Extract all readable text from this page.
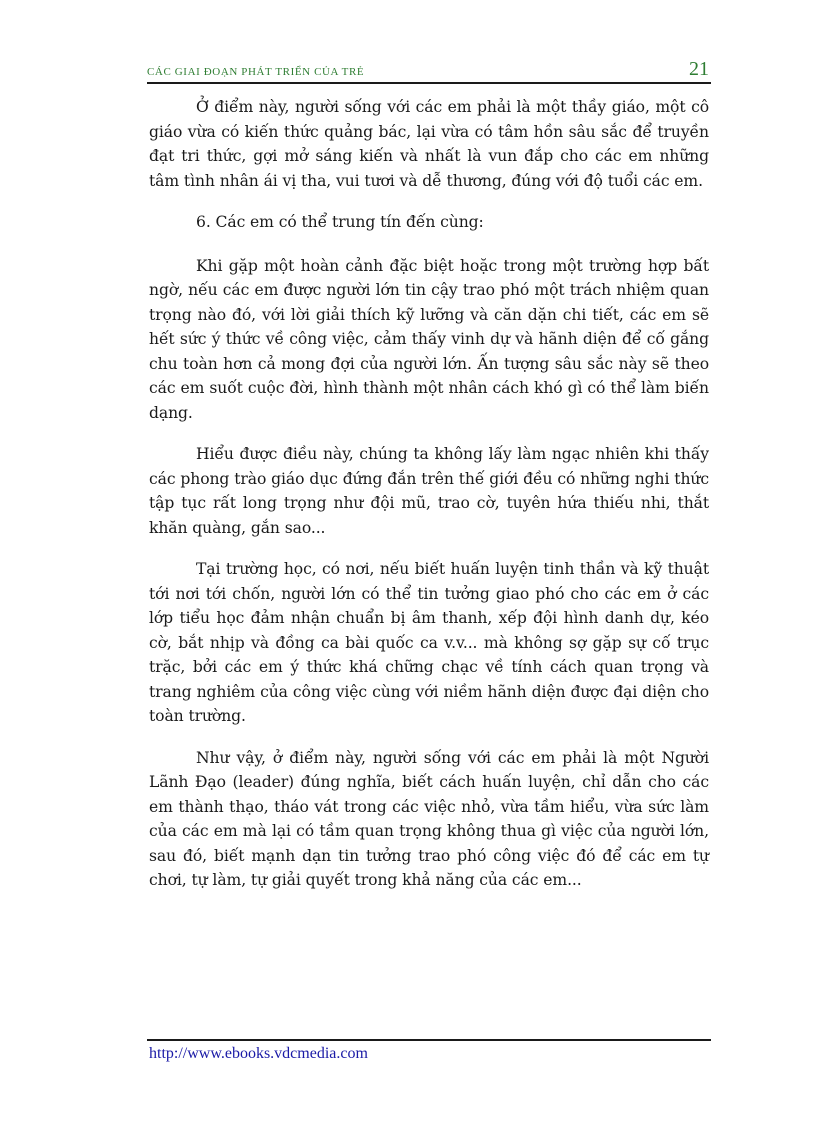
CÁC GIAI ĐOẠN PHÁT TRIỂN CỦA TRẺ	21

Ở điểm này, người sống với các em phải là một thầy giáo, một cô giáo vừa có kiến thức quảng bác, lại vừa có tâm hồn sâu sắc để truyền đạt tri thức, gợi mở sáng kiến và nhất là vun đắp cho các em những tâm tình nhân ái vị tha, vui tươi và dễ thương, đúng với độ tuổi các em.

6. Các em có thể trung tín đến cùng:

Khi gặp một hoàn cảnh đặc biệt hoặc trong một trường hợp bất ngờ, nếu các em được người lớn tin cậy trao phó một trách nhiệm quan trọng nào đó, với lời giải thích kỹ lưỡng và căn dặn chi tiết, các em sẽ hết sức ý thức về công việc, cảm thấy vinh dự và hãnh diện để cố gắng chu toàn hơn cả mong đợi của người lớn. Ấn tượng sâu sắc này sẽ theo các em suốt cuộc đời, hình thành một nhân cách khó gì có thể làm biến dạng.

Hiểu được điều này, chúng ta không lấy làm ngạc nhiên khi thấy các phong trào giáo dục đứng đắn trên thế giới đều có những nghi thức tập tục rất long trọng như đội mũ, trao cờ, tuyên hứa thiếu nhi, thắt khăn quàng, gắn sao...

Tại trường học, có nơi, nếu biết huấn luyện tinh thần và kỹ thuật tới nơi tới chốn, người lớn có thể tin tưởng giao phó cho các em ở các lớp tiểu học đảm nhận chuẩn bị âm thanh, xếp đội hình danh dự, kéo cờ, bắt nhịp và đồng ca bài quốc ca v.v... mà không sợ gặp sự cố trục trặc, bởi các em ý thức khá chững chạc về tính cách quan trọng và trang nghiêm của công việc cùng với niềm hãnh diện được đại diện cho toàn trường.

Như vậy, ở điểm này, người sống với các em phải là một Người Lãnh Đạo (leader) đúng nghĩa, biết cách huấn luyện, chỉ dẫn cho các em thành thạo, tháo vát trong các việc nhỏ, vừa tầm hiểu, vừa sức làm của các em mà lại có tầm quan trọng không thua gì việc của người lớn, sau đó, biết mạnh dạn tin tưởng trao phó công việc đó để các em tự chơi, tự làm, tự giải quyết trong khả năng của các em...

http://www.ebooks.vdcmedia.com
